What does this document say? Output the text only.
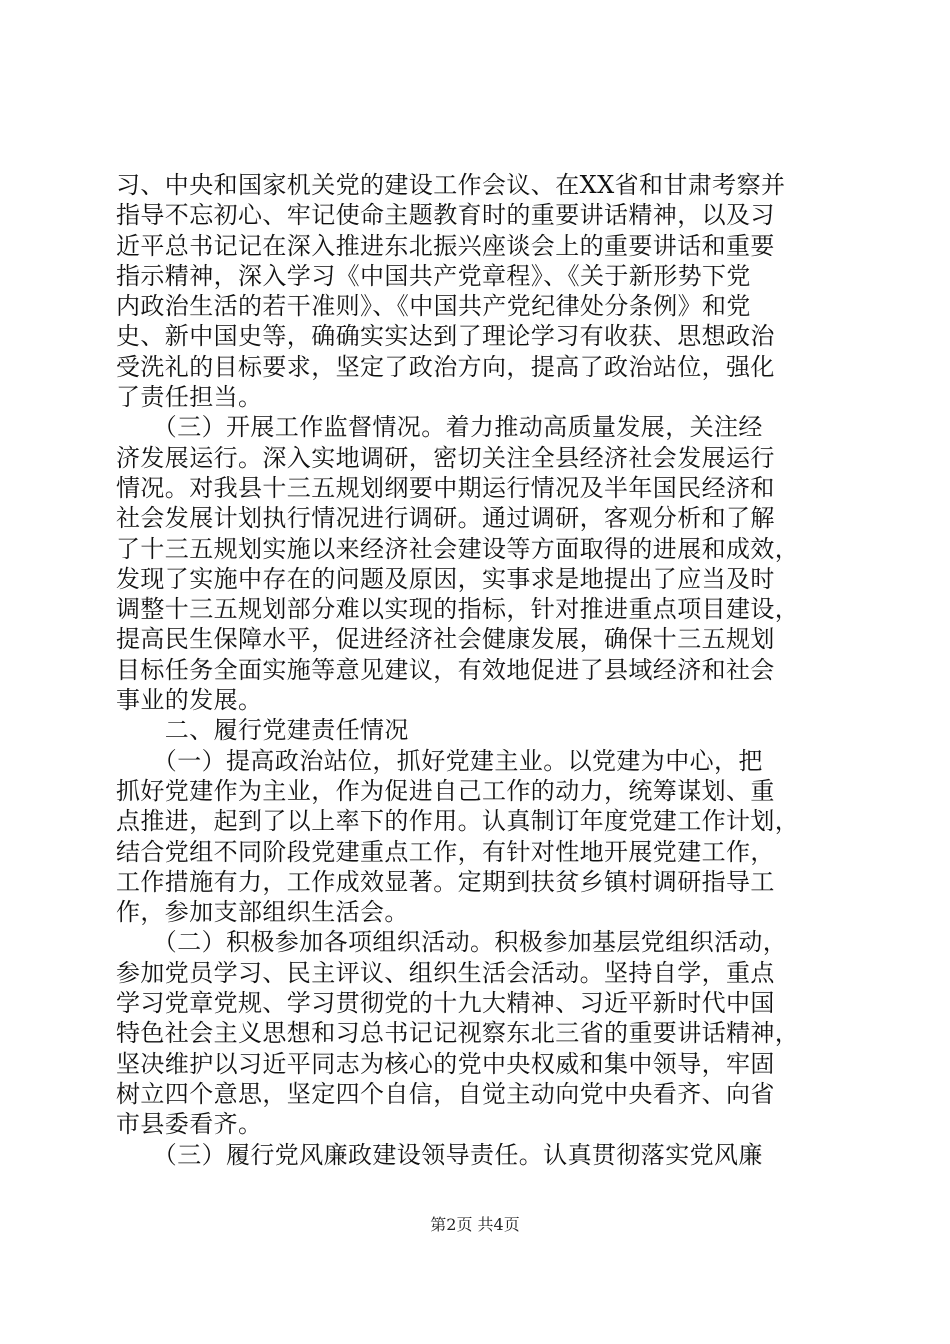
习、中央和国家机关党的建设工作会议、在XX省和甘肃考察并
指导不忘初心、牢记使命主题教育时的重要讲话精神，以及习
近平总书记记在深入推进东北振兴座谈会上的重要讲话和重要
指示精神，深入学习《中国共产党章程》、《关于新形势下党
内政治生活的若干准则》、《中国共产党纪律处分条例》和党
史、新中国史等，确确实实达到了理论学习有收获、思想政治
受洗礼的目标要求，坚定了政治方向，提高了政治站位，强化
了责任担当。
　　（三）开展工作监督情况。着力推动高质量发展，关注经
济发展运行。深入实地调研，密切关注全县经济社会发展运行
情况。对我县十三五规划纲要中期运行情况及半年国民经济和
社会发展计划执行情况进行调研。通过调研，客观分析和了解
了十三五规划实施以来经济社会建设等方面取得的进展和成效，
发现了实施中存在的问题及原因，实事求是地提出了应当及时
调整十三五规划部分难以实现的指标，针对推进重点项目建设，
提高民生保障水平，促进经济社会健康发展，确保十三五规划
目标任务全面实施等意见建议，有效地促进了县域经济和社会
事业的发展。
　　二、履行党建责任情况
　　（一）提高政治站位，抓好党建主业。以党建为中心，把
抓好党建作为主业，作为促进自己工作的动力，统筹谋划、重
点推进，起到了以上率下的作用。认真制订年度党建工作计划，
结合党组不同阶段党建重点工作，有针对性地开展党建工作，
工作措施有力，工作成效显著。定期到扶贫乡镇村调研指导工
作，参加支部组织生活会。
　　（二）积极参加各项组织活动。积极参加基层党组织活动，
参加党员学习、民主评议、组织生活会活动。坚持自学，重点
学习党章党规、学习贯彻党的十九大精神、习近平新时代中国
特色社会主义思想和习总书记记视察东北三省的重要讲话精神，
坚决维护以习近平同志为核心的党中央权威和集中领导，牢固
树立四个意思，坚定四个自信，自觉主动向党中央看齐、向省
市县委看齐。
　　（三）履行党风廉政建设领导责任。认真贯彻落实党风廉
第2页 共4页
